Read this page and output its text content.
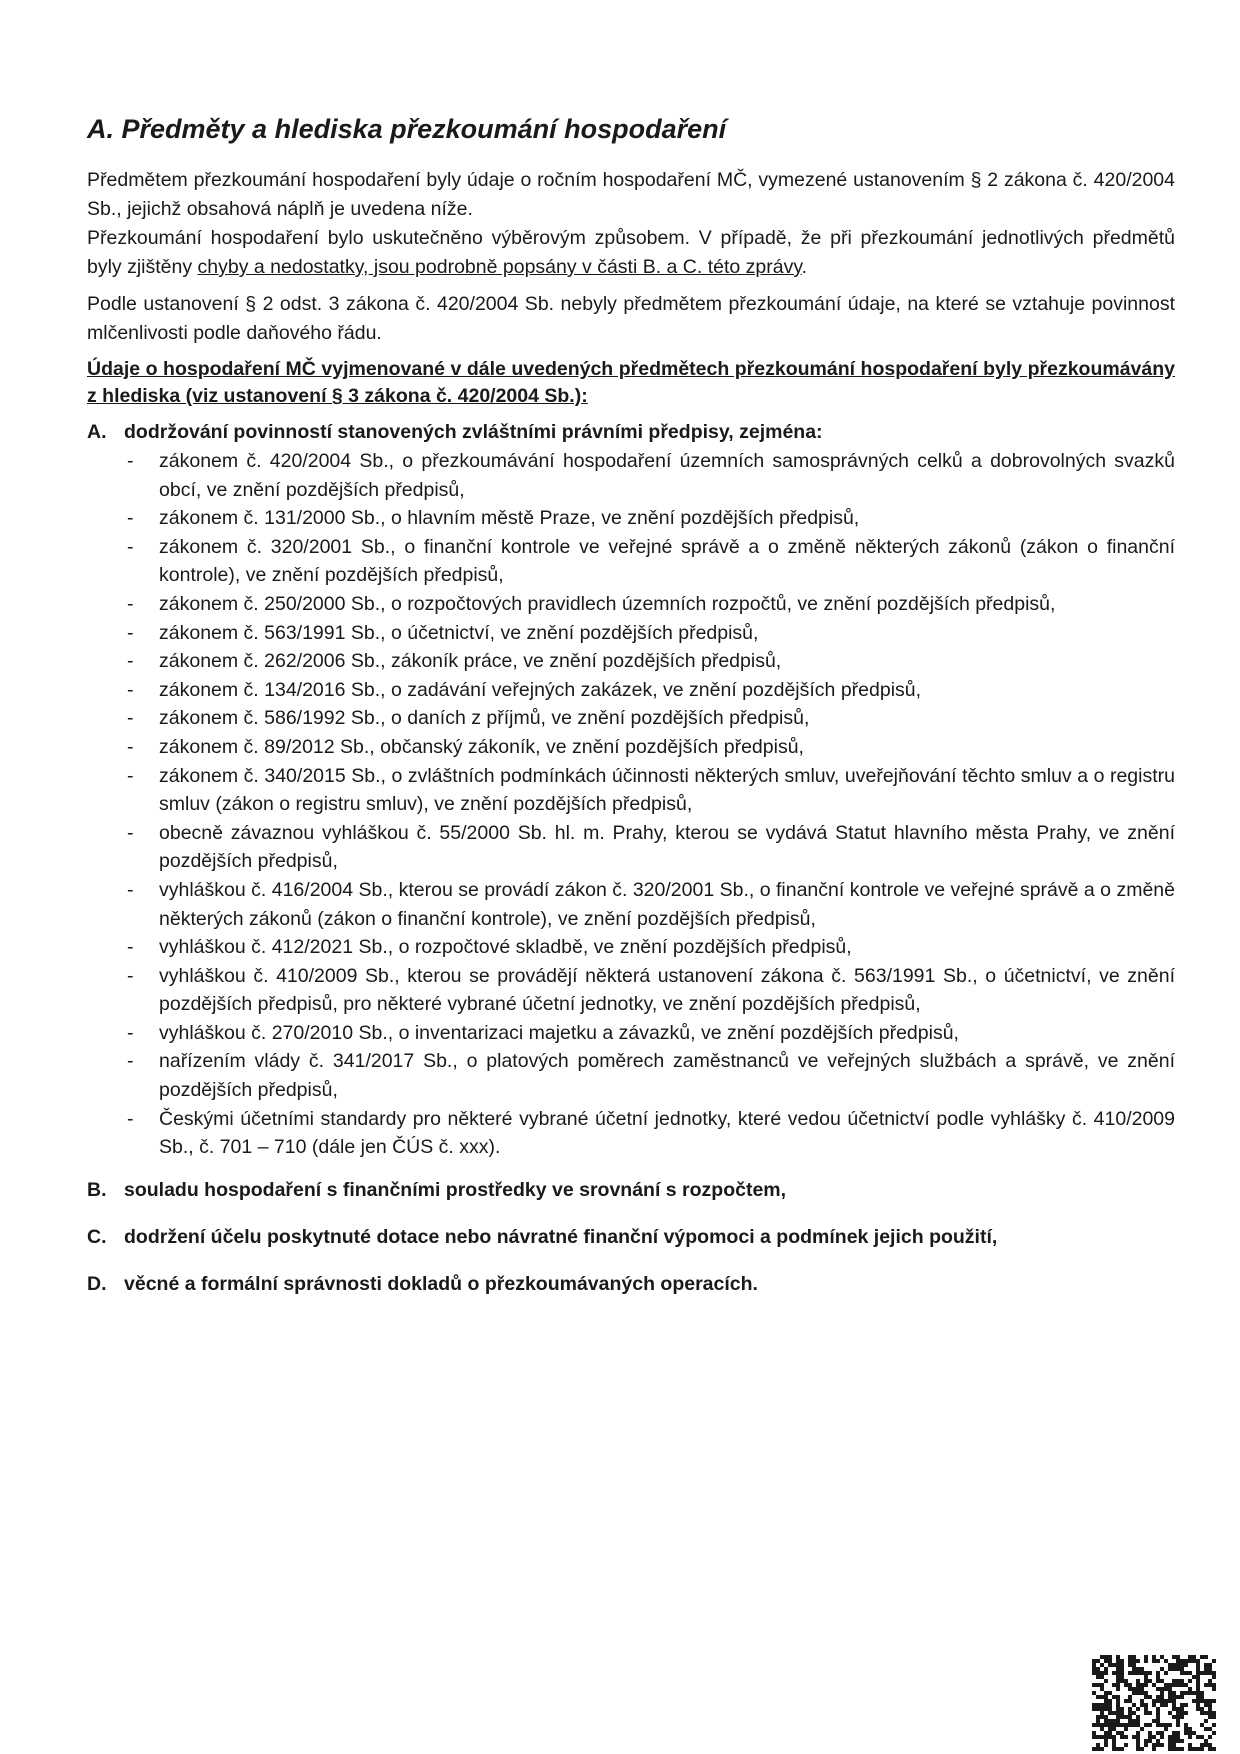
A. Předměty a hlediska přezkoumání hospodaření

Předmětem přezkoumání hospodaření byly údaje o ročním hospodaření MČ, vymezené ustanovením § 2 zákona č. 420/2004 Sb., jejichž obsahová náplň je uvedena níže.

Přezkoumání hospodaření bylo uskutečněno výběrovým způsobem. V případě, že při přezkoumání jednotlivých předmětů byly zjištěny chyby a nedostatky, jsou podrobně popsány v části B. a C. této zprávy.

Podle ustanovení § 2 odst. 3 zákona č. 420/2004 Sb. nebyly předmětem přezkoumání údaje, na které se vztahuje povinnost mlčenlivosti podle daňového řádu.

Údaje o hospodaření MČ vyjmenované v dále uvedených předmětech přezkoumání hospodaření byly přezkoumávány z hlediska (viz ustanovení § 3 zákona č. 420/2004 Sb.):

A. dodržování povinností stanovených zvláštními právními předpisy, zejména:
-	zákonem č. 420/2004 Sb., o přezkoumávání hospodaření územních samosprávných celků a dobrovolných svazků obcí, ve znění pozdějších předpisů,
-	zákonem č. 131/2000 Sb., o hlavním městě Praze, ve znění pozdějších předpisů,
-	zákonem č. 320/2001 Sb., o finanční kontrole ve veřejné správě a o změně některých zákonů (zákon o finanční kontrole), ve znění pozdějších předpisů,
-	zákonem č. 250/2000 Sb., o rozpočtových pravidlech územních rozpočtů, ve znění pozdějších předpisů,
-	zákonem č. 563/1991 Sb., o účetnictví, ve znění pozdějších předpisů,
-	zákonem č. 262/2006 Sb., zákoník práce, ve znění pozdějších předpisů,
-	zákonem č. 134/2016 Sb., o zadávání veřejných zakázek, ve znění pozdějších předpisů,
-	zákonem č. 586/1992 Sb., o daních z příjmů, ve znění pozdějších předpisů,
-	zákonem č. 89/2012 Sb., občanský zákoník, ve znění pozdějších předpisů,
-	zákonem č. 340/2015 Sb., o zvláštních podmínkách účinnosti některých smluv, uveřejňování těchto smluv a o registru smluv (zákon o registru smluv), ve znění pozdějších předpisů,
-	obecně závaznou vyhláškou č. 55/2000 Sb. hl. m. Prahy, kterou se vydává Statut hlavního města Prahy, ve znění pozdějších předpisů,
-	vyhláškou č. 416/2004 Sb., kterou se provádí zákon č. 320/2001 Sb., o finanční kontrole ve veřejné správě a o změně některých zákonů (zákon o finanční kontrole), ve znění pozdějších předpisů,
-	vyhláškou č. 412/2021 Sb., o rozpočtové skladbě, ve znění pozdějších předpisů,
-	vyhláškou č. 410/2009 Sb., kterou se provádějí některá ustanovení zákona č. 563/1991 Sb., o účetnictví, ve znění pozdějších předpisů, pro některé vybrané účetní jednotky, ve znění pozdějších předpisů,
-	vyhláškou č. 270/2010 Sb., o inventarizaci majetku a závazků, ve znění pozdějších předpisů,
-	nařízením vlády č. 341/2017 Sb., o platových poměrech zaměstnanců ve veřejných službách a správě, ve znění pozdějších předpisů,
-	Českými účetními standardy pro některé vybrané účetní jednotky, které vedou účetnictví podle vyhlášky č. 410/2009 Sb., č. 701 – 710 (dále jen ČÚS č. xxx).
B. souladu hospodaření s finančními prostředky ve srovnání s rozpočtem,
C. dodržení účelu poskytnuté dotace nebo návratné finanční výpomoci a podmínek jejich použití,
D. věcné a formální správnosti dokladů o přezkoumávaných operacích.
